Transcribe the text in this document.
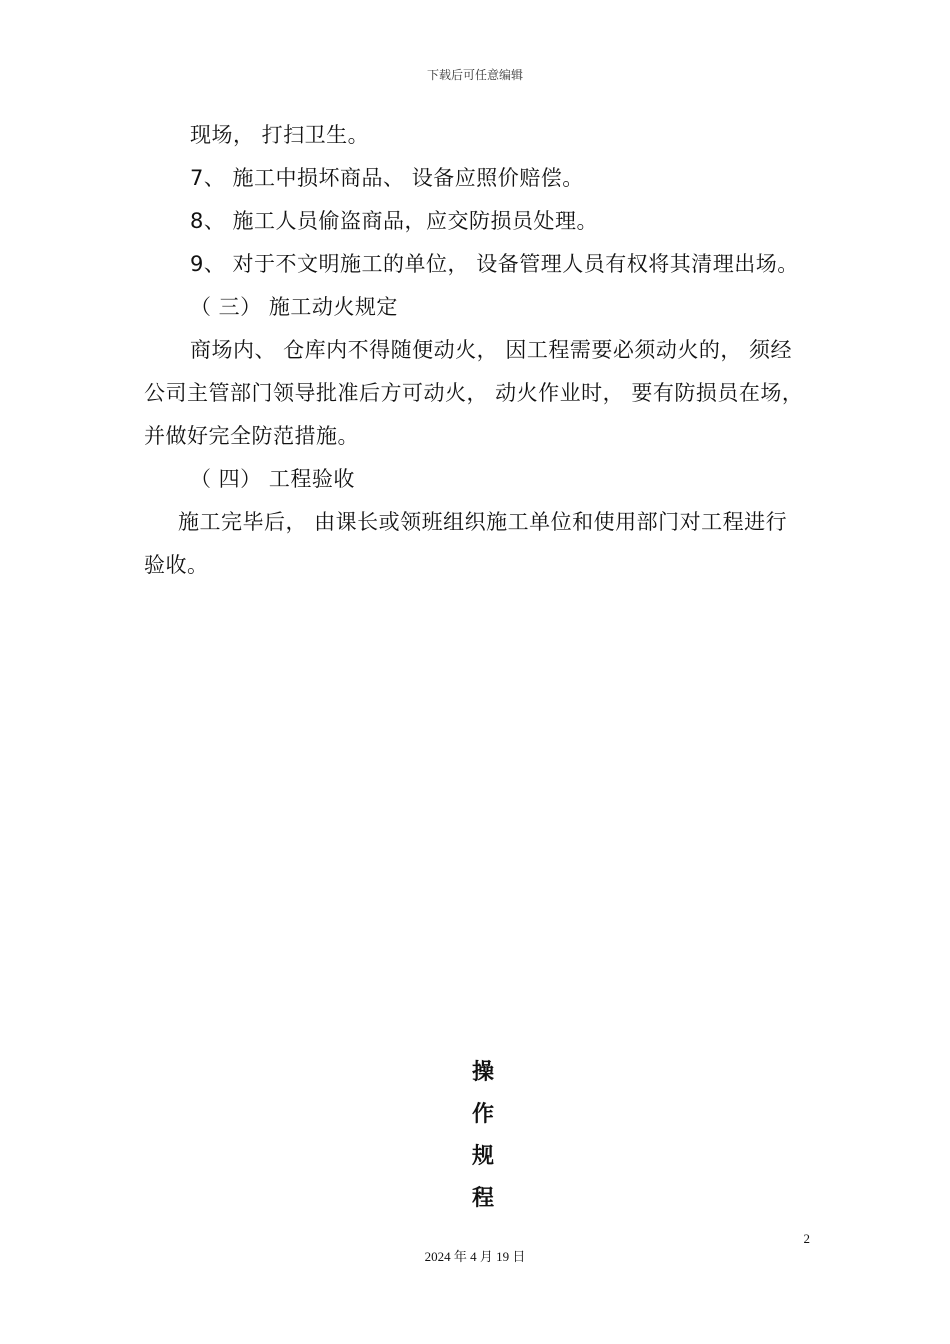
下载后可任意编辑

现场， 打扫卫生。

7、 施工中损坏商品、 设备应照价赔偿。

8、 施工人员偷盗商品，应交防损员处理。

9、 对于不文明施工的单位， 设备管理人员有权将其清理出场。

（ 三） 施工动火规定

商场内、 仓库内不得随便动火， 因工程需要必须动火的， 须经公司主管部门领导批准后方可动火， 动火作业时， 要有防损员在场， 并做好完全防范措施。

（ 四） 工程验收

施工完毕后， 由课长或领班组织施工单位和使用部门对工程进行验收。

操
作
规
程
2
2024 年 4 月 19 日
